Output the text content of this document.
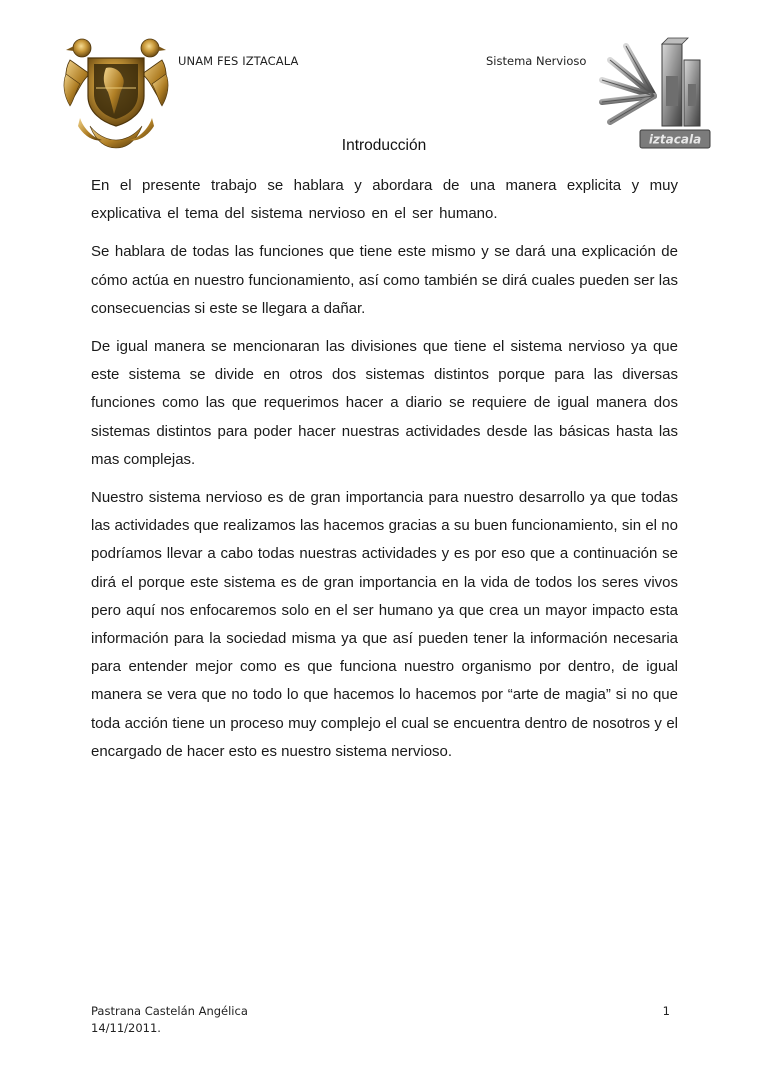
UNAM FES IZTACALA	Sistema Nervioso
iztacala
Introducción

En el presente trabajo se hablara y abordara de una manera explicita y muy explicativa el tema del sistema nervioso en el ser humano.

Se hablara de todas las funciones que tiene este mismo y se dará una explicación de cómo actúa en nuestro funcionamiento, así como también se dirá cuales pueden ser las consecuencias si este se llegara a dañar.

De igual manera se mencionaran las divisiones que tiene el sistema nervioso ya que este sistema se divide en otros dos sistemas distintos porque para las diversas funciones como las que requerimos hacer a diario se requiere de igual manera dos sistemas distintos para poder hacer nuestras actividades desde las básicas hasta las mas complejas.

Nuestro sistema nervioso es de gran importancia para nuestro desarrollo ya que todas las actividades que realizamos las hacemos gracias a su buen funcionamiento, sin el no podríamos llevar a cabo todas nuestras actividades y es por eso que a continuación se dirá el porque este sistema es de gran importancia en la vida de todos los seres vivos pero aquí nos enfocaremos solo en el ser humano ya que crea un mayor impacto esta información para la sociedad misma ya que así pueden tener la información necesaria para entender mejor como es que funciona nuestro organismo por dentro, de igual manera se vera que no todo lo que hacemos lo hacemos por “arte de magia” si no que toda acción tiene un proceso muy complejo el cual se encuentra dentro de nosotros y el encargado de hacer esto es nuestro sistema nervioso.

Pastrana Castelán Angélica
14/11/2011.
1
